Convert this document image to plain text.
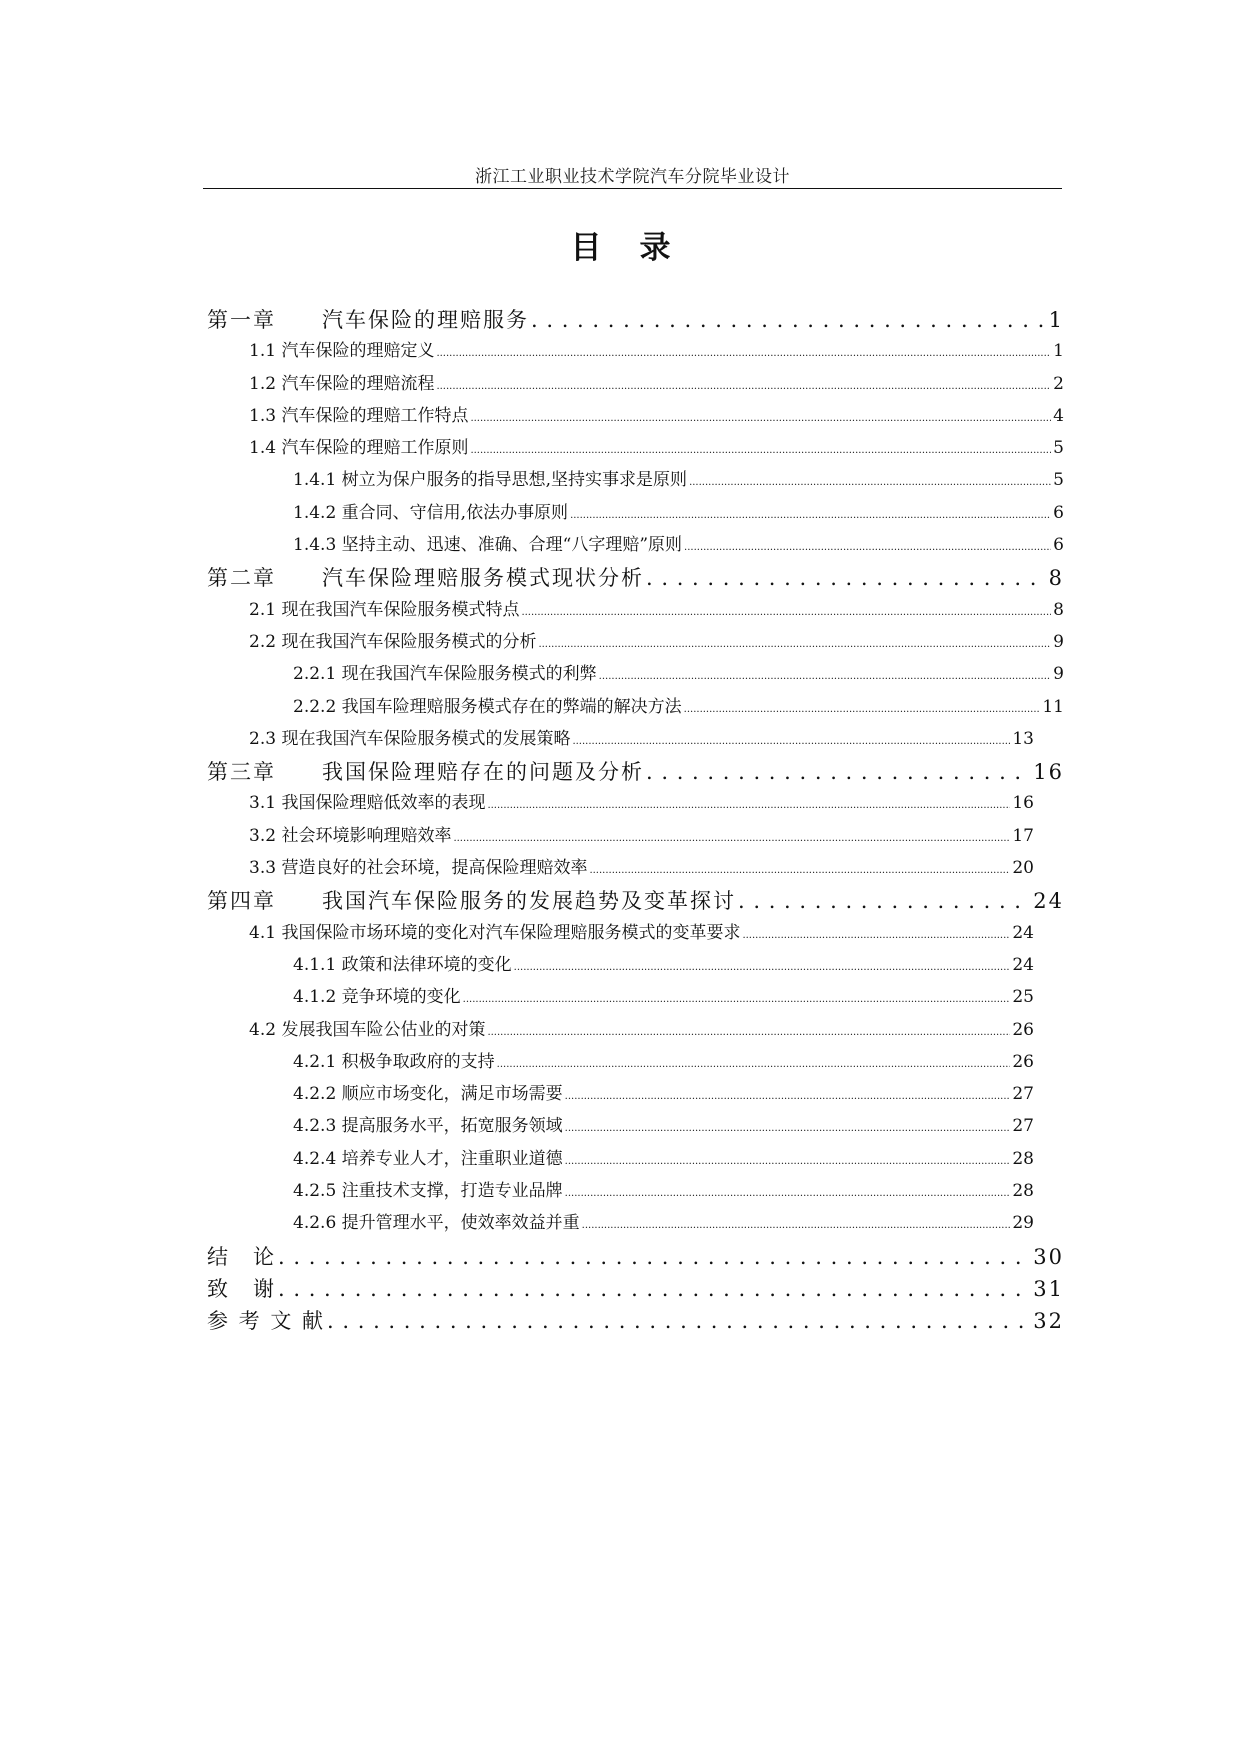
浙江工业职业技术学院汽车分院毕业设计
目录
第一章　　汽车保险的理赔服务 . . .	1
1.1 汽车保险的理赔定义 .....	1
1.2 汽车保险的理赔流程 .....	2
1.3 汽车保险的理赔工作特点 .....	4
1.4 汽车保险的理赔工作原则 .....	5
1.4.1 树立为保户服务的指导思想,坚持实事求是原则 .....	5
1.4.2 重合同、守信用,依法办事原则 .....	6
1.4.3 坚持主动、迅速、准确、合理“八字理赔”原则 .....	6
第二章　　汽车保险理赔服务模式现状分析 . . .	8
2.1 现在我国汽车保险服务模式特点 .....	8
2.2 现在我国汽车保险服务模式的分析 .....	9
2.2.1 现在我国汽车保险服务模式的利弊 .....	9
2.2.2 我国车险理赔服务模式存在的弊端的解决方法 .....	11
2.3 现在我国汽车保险服务模式的发展策略 .....	13
第三章　　我国保险理赔存在的问题及分析 . . .	16
3.1 我国保险理赔低效率的表现 .....	16
3.2 社会环境影响理赔效率 .....	17
3.3 营造良好的社会环境，提高保险理赔效率 .....	20
第四章　　我国汽车保险服务的发展趋势及变革探讨 . . .	24
4.1 我国保险市场环境的变化对汽车保险理赔服务模式的变革要求 .....	24
4.1.1 政策和法律环境的变化 .....	24
4.1.2 竞争环境的变化 .....	25
4.2 发展我国车险公估业的对策 .....	26
4.2.1 积极争取政府的支持 .....	26
4.2.2 顺应市场变化，满足市场需要 .....	27
4.2.3 提高服务水平，拓宽服务领域 .....	27
4.2.4 培养专业人才，注重职业道德 .....	28
4.2.5 注重技术支撑，打造专业品牌 .....	28
4.2.6 提升管理水平，使效率效益并重 .....	29
结　论 . . .	30
致　谢 . . .	31
参 考 文 献 . . .	32
